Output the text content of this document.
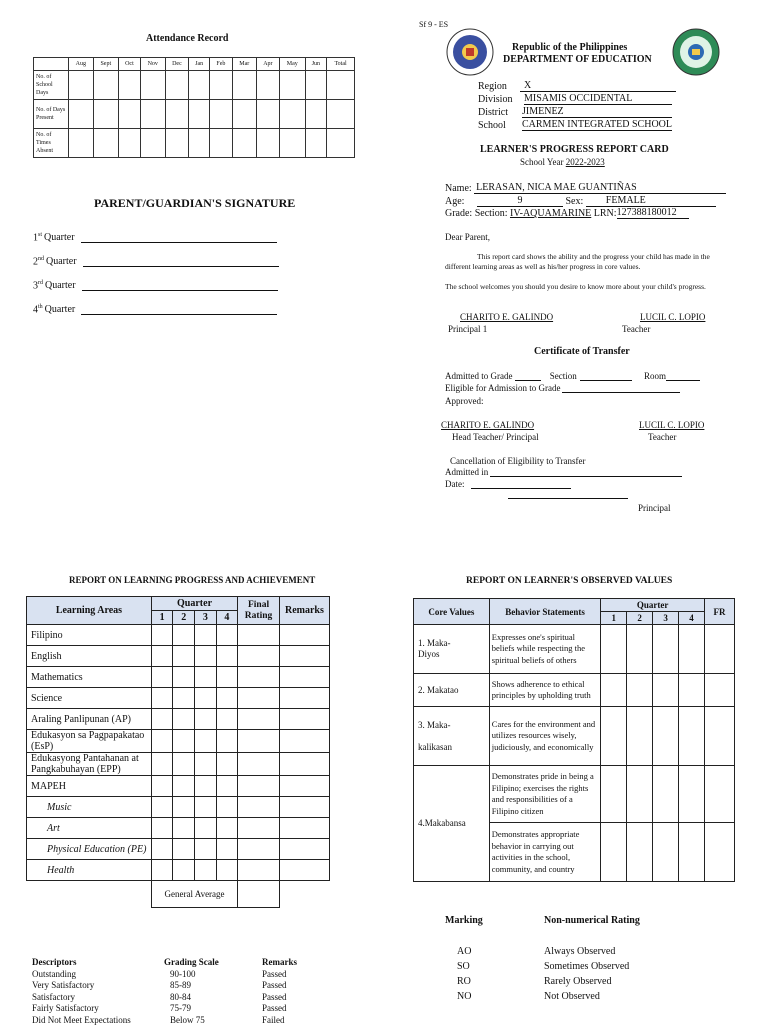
Attendance Record
	Aug	Sept	Oct	Nov	Dec	Jan	Feb	Mar	Apr	May	Jun	Total
No. of School Days												
No. of Days Present												
No. of Times Absent												
PARENT/GUARDIAN'S SIGNATURE
1st Quarter
2nd Quarter
3rd Quarter
4th Quarter
Sf 9 - ES
Republic of the Philippines
DEPARTMENT OF EDUCATION
Region X
Division MISAMIS OCCIDENTAL
District JIMENEZ
School CARMEN INTEGRATED SCHOOL
LEARNER'S PROGRESS REPORT CARD
School Year 2022-2023
Name: LERASAN, NICA MAE GUANTIÑAS
Age:	9	Sex: FEMALE
Grade: Section: IV-AQUAMARINE LRN:127388180012
Dear Parent,
This report card shows the ability and the progress your child has made in the different learning areas as well as his/her progress in core values.
The school welcomes you should you desire to know more about your child's progress.
CHARITO E. GALINDO
Principal 1
LUCIL C. LOPIO
Teacher
Certificate of Transfer
Admitted to Grade	Section	Room
Eligible for Admission to Grade
Approved:
CHARITO E. GALINDO
Head Teacher/ Principal
LUCIL C. LOPIO
Teacher
Cancellation of Eligibility to Transfer
Admitted in
Date:
Principal
REPORT ON LEARNING PROGRESS AND ACHIEVEMENT
Learning Areas	Quarter				Final
Rating	Remarks
	1	2	3	4		
Filipino						
English						
Mathematics						
Science						
Araling Panlipunan (AP)						
Edukasyon sa Pagpapakatao (EsP)						
Edukasyong Pantahanan at Pangkabuhayan (EPP)						
MAPEH						
Music						
Art						
Physical Education (PE)						
Health						
	General Average					
Descriptors	Grading Scale	Remarks
Outstanding	90-100	Passed
Very Satisfactory	85-89	Passed
Satisfactory	80-84	Passed
Fairly Satisfactory	75-79	Passed
Did Not Meet Expectations	Below 75	Failed
REPORT ON LEARNER'S OBSERVED VALUES
Core Values	Behavior Statements	Quarter				FR
		1	2	3	4	
1. Maka-
Diyos	Expresses one's spiritual beliefs while respecting the spiritual beliefs of others					
2. Makatao	Shows adherence to ethical principles by upholding truth					
3. Maka-

kalikasan	Cares for the environment and utilizes resources wisely, judiciously, and economically					
4.Makabansa	Demonstrates pride in being a Filipino; exercises the rights and responsibilities of a Filipino citizen					
	Demonstrates appropriate behavior in carrying out activities in the school, community, and country					
Marking	Non-numerical Rating
AO	Always Observed
SO	Sometimes Observed
RO	Rarely Observed
NO	Not Observed
